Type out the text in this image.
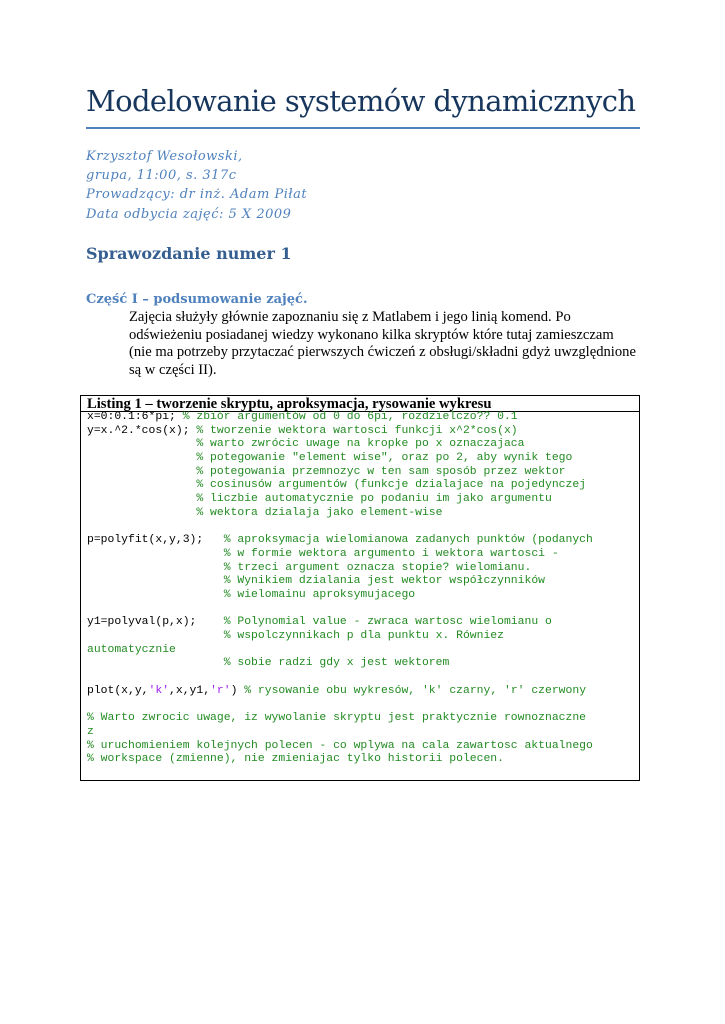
Modelowanie systemów dynamicznych
Krzysztof Wesołowski,
grupa, 11:00, s. 317c
Prowadzący: dr inż. Adam Piłat
Data odbycia zajęć: 5 X 2009
Sprawozdanie numer 1
Część I – podsumowanie zajęć.
Zajęcia służyły głównie zapoznaniu się z Matlabem i jego linią komend. Po
odświeżeniu posiadanej wiedzy wykonano kilka skryptów które tutaj zamieszczam
(nie ma potrzeby przytaczać pierwszych ćwiczeń z obsługi/składni gdyż uwzględnione
są w części II).
Listing 1 – tworzenie skryptu, aproksymacja, rysowanie wykresu
x=0:0.1:6*pi; % zbiór argumentów od 0 do 6pi, rozdzielczo?? 0.1
y=x.^2.*cos(x); % tworzenie wektora wartosci funkcji x^2*cos(x)
% warto zwrócic uwage na kropke po x oznaczajaca
% potegowanie "element wise", oraz po 2, aby wynik tego
% potegowania przemnozyc w ten sam sposób przez wektor
% cosinusów argumentów (funkcje dzialajace na pojedynczej
% liczbie automatycznie po podaniu im jako argumentu
% wektora dzialaja jako element-wise
p=polyfit(x,y,3);   % aproksymacja wielomianowa zadanych punktów (podanych
% w formie wektora argumento i wektora wartosci -
% trzeci argument oznacza stopie? wielomianu.
% Wynikiem dzialania jest wektor współczynników
% wielomainu aproksymujacego
y1=polyval(p,x);    % Polynomial value - zwraca wartosc wielomianu o
% wspolczynnikach p dla punktu x. Równiez
automatycznie
% sobie radzi gdy x jest wektorem
plot(x,y,'k',x,y1,'r') % rysowanie obu wykresów, 'k' czarny, 'r' czerwony
% Warto zwrocic uwage, iz wywolanie skryptu jest praktycznie rownoznaczne
z
% uruchomieniem kolejnych polecen - co wplywa na cala zawartosc aktualnego
% workspace (zmienne), nie zmieniajac tylko historii polecen.
